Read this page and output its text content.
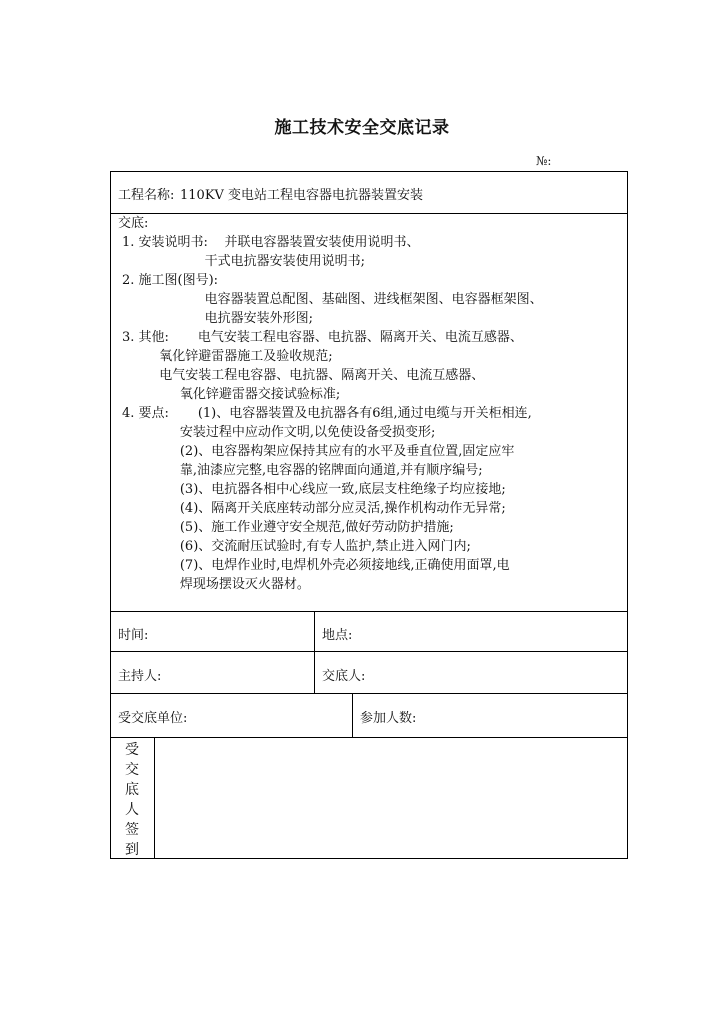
施工技术安全交底记录
№:
工程名称: 110KV 变电站工程电容器电抗器装置安装
交底:
1. 安装说明书:    并联电容器装置安装使用说明书、
干式电抗器安装使用说明书;
2. 施工图(图号):
电容器装置总配图、基础图、进线框架图、电容器框架图、
电抗器安装外形图;
3. 其他:       电气安装工程电容器、电抗器、隔离开关、电流互感器、
氧化锌避雷器施工及验收规范;
电气安装工程电容器、电抗器、隔离开关、电流互感器、
氧化锌避雷器交接试验标准;
4. 要点:       (1)、电容器装置及电抗器各有6组,通过电缆与开关柜相连,
安装过程中应动作文明,以免使设备受损变形;
(2)、电容器构架应保持其应有的水平及垂直位置,固定应牢
靠,油漆应完整,电容器的铭牌面向通道,并有顺序编号;
(3)、电抗器各相中心线应一致,底层支柱绝缘子均应接地;
(4)、隔离开关底座转动部分应灵活,操作机构动作无异常;
(5)、施工作业遵守安全规范,做好劳动防护措施;
(6)、交流耐压试验时,有专人监护,禁止进入网门内;
(7)、电焊作业时,电焊机外壳必须接地线,正确使用面罩,电
焊现场摆设灭火器材。
时间:	地点:
主持人:	交底人:
受交底单位:	参加人数:
受
交
底
人
签
到
